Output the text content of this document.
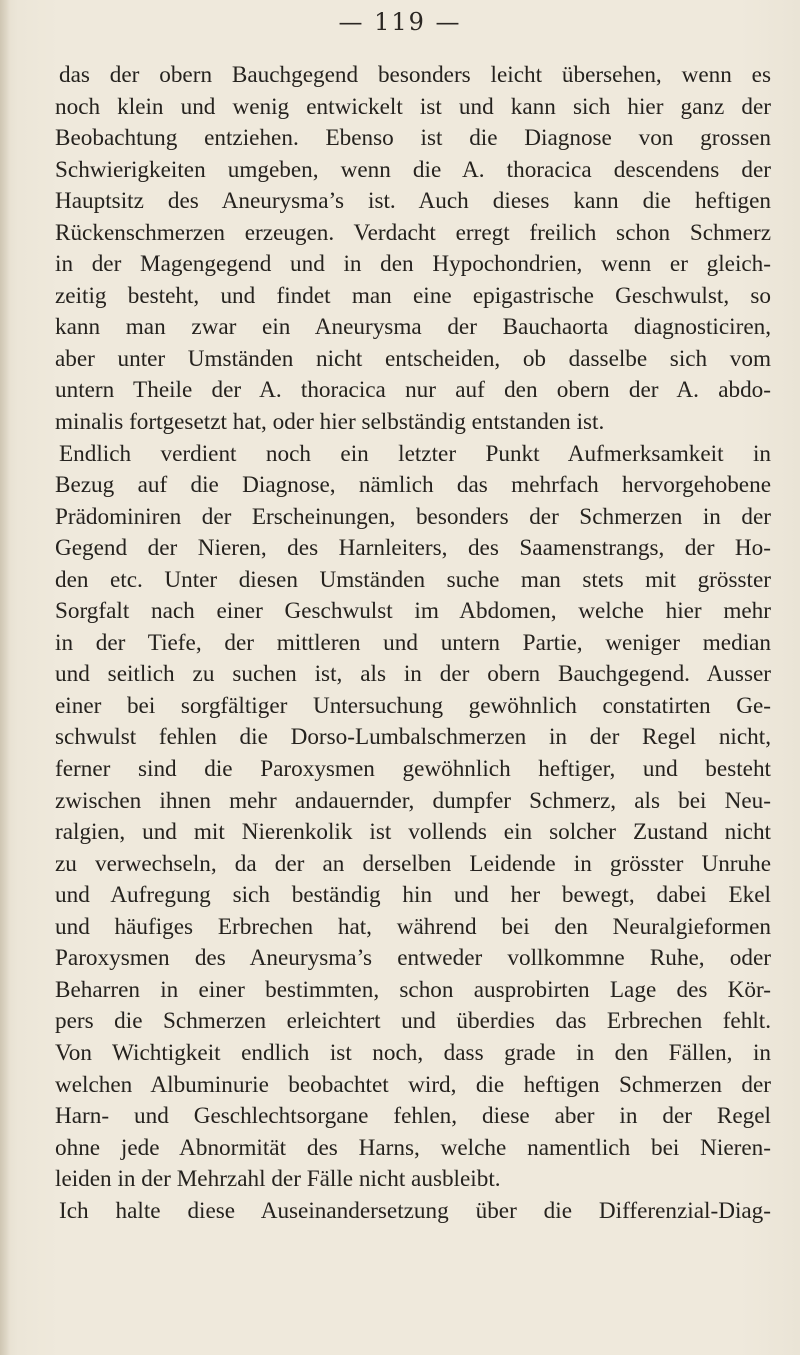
— 119 —
das der obern Bauchgegend besonders leicht übersehen, wenn es
noch klein und wenig entwickelt ist und kann sich hier ganz der
Beobachtung entziehen. Ebenso ist die Diagnose von grossen
Schwierigkeiten umgeben, wenn die A. thoracica descendens der
Hauptsitz des Aneurysma’s ist. Auch dieses kann die heftigen
Rückenschmerzen erzeugen. Verdacht erregt freilich schon Schmerz
in der Magengegend und in den Hypochondrien, wenn er gleich-
zeitig besteht, und findet man eine epigastrische Geschwulst, so
kann man zwar ein Aneurysma der Bauchaorta diagnosticiren,
aber unter Umständen nicht entscheiden, ob dasselbe sich vom
untern Theile der A. thoracica nur auf den obern der A. abdo-
minalis fortgesetzt hat, oder hier selbständig entstanden ist.
Endlich verdient noch ein letzter Punkt Aufmerksamkeit in
Bezug auf die Diagnose, nämlich das mehrfach hervorgehobene
Prädominiren der Erscheinungen, besonders der Schmerzen in der
Gegend der Nieren, des Harnleiters, des Saamenstrangs, der Ho-
den etc. Unter diesen Umständen suche man stets mit grösster
Sorgfalt nach einer Geschwulst im Abdomen, welche hier mehr
in der Tiefe, der mittleren und untern Partie, weniger median
und seitlich zu suchen ist, als in der obern Bauchgegend. Ausser
einer bei sorgfältiger Untersuchung gewöhnlich constatirten Ge-
schwulst fehlen die Dorso-Lumbalschmerzen in der Regel nicht,
ferner sind die Paroxysmen gewöhnlich heftiger, und besteht
zwischen ihnen mehr andauernder, dumpfer Schmerz, als bei Neu-
ralgien, und mit Nierenkolik ist vollends ein solcher Zustand nicht
zu verwechseln, da der an derselben Leidende in grösster Unruhe
und Aufregung sich beständig hin und her bewegt, dabei Ekel
und häufiges Erbrechen hat, während bei den Neuralgieformen
Paroxysmen des Aneurysma’s entweder vollkommne Ruhe, oder
Beharren in einer bestimmten, schon ausprobirten Lage des Kör-
pers die Schmerzen erleichtert und überdies das Erbrechen fehlt.
Von Wichtigkeit endlich ist noch, dass grade in den Fällen, in
welchen Albuminurie beobachtet wird, die heftigen Schmerzen der
Harn- und Geschlechtsorgane fehlen, diese aber in der Regel
ohne jede Abnormität des Harns, welche namentlich bei Nieren-
leiden in der Mehrzahl der Fälle nicht ausbleibt.
Ich halte diese Auseinandersetzung über die Differenzial-Diag-
